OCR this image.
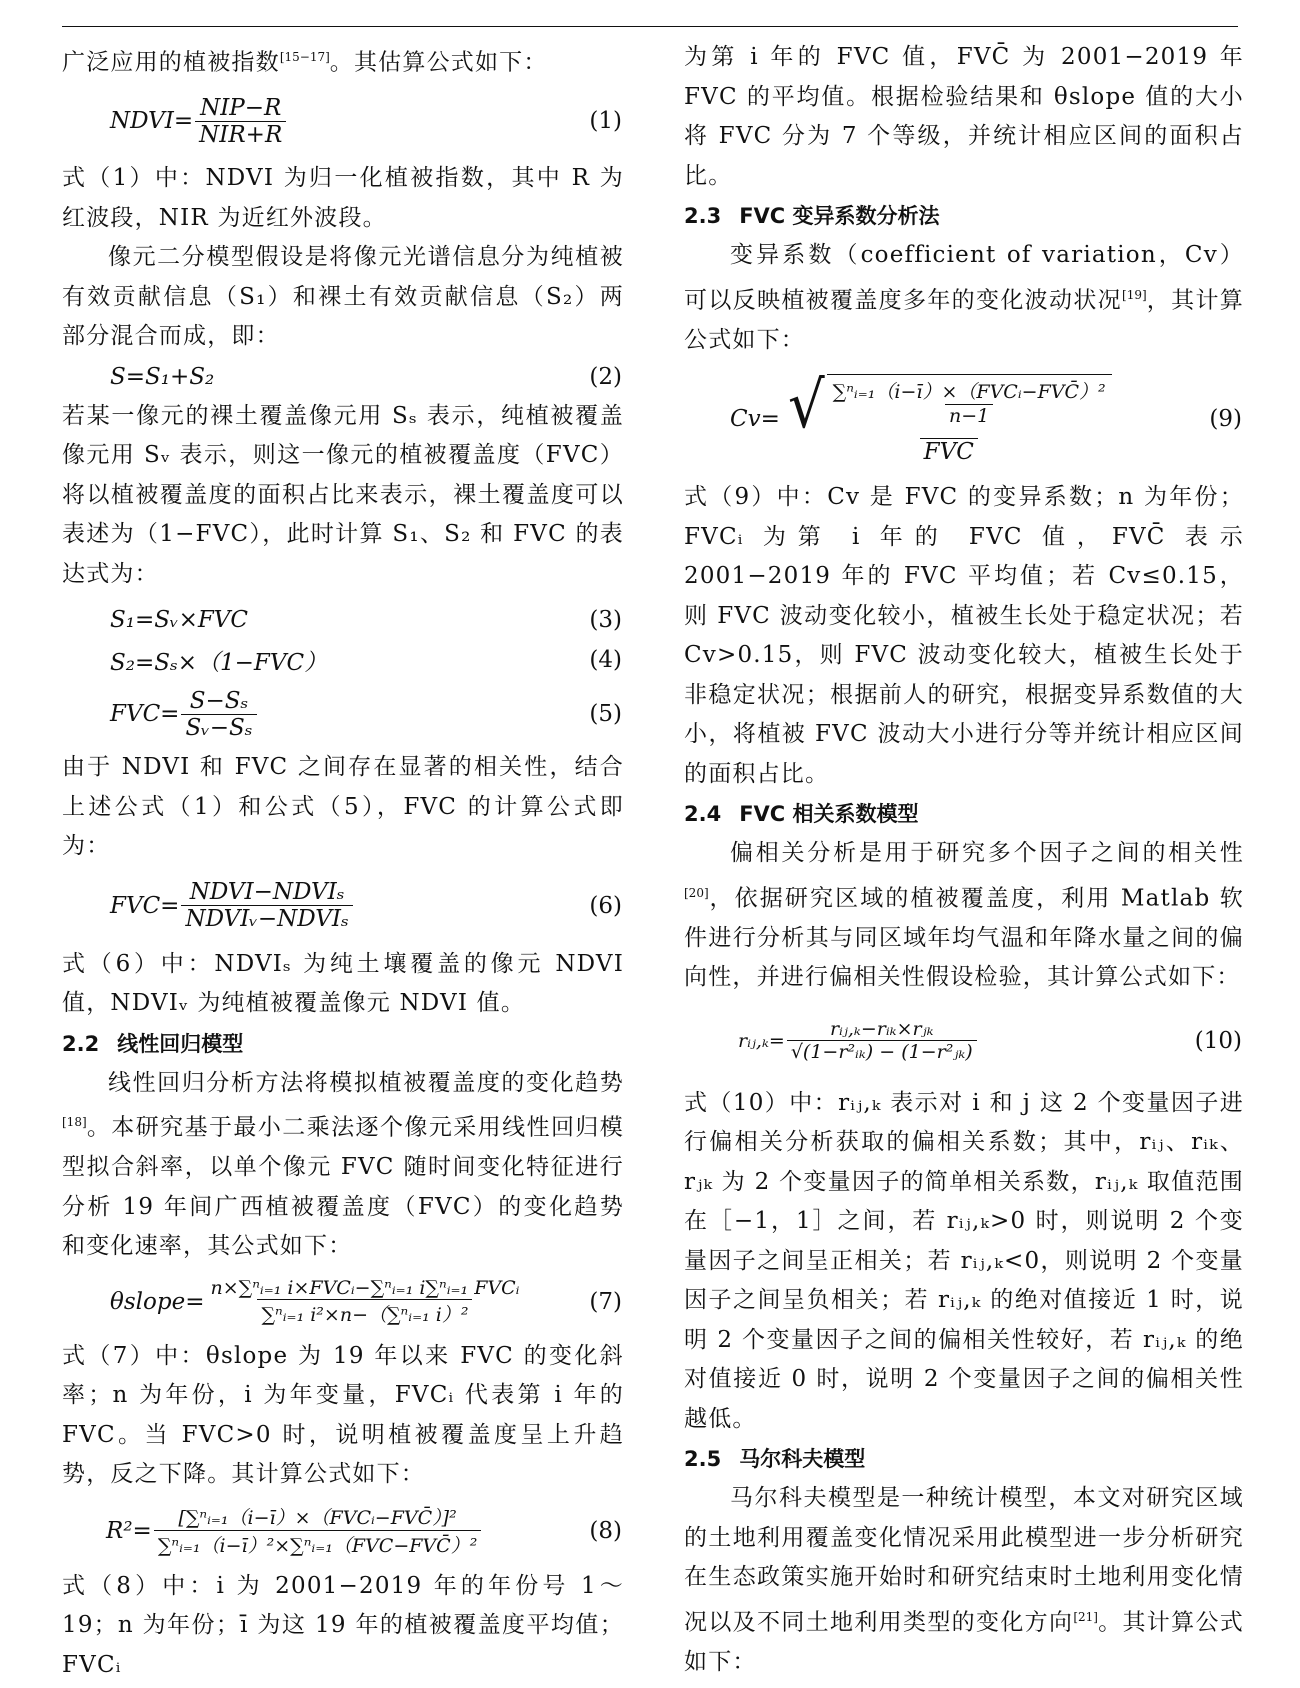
广泛应用的植被指数[15−17]。其估算公式如下：

NDVI= $\frac{\text{NIP−R}}{\text{NIR+R}}$	(1)

式（1）中：NDVI 为归一化植被指数，其中 R 为红波段，NIR 为近红外波段。

像元二分模型假设是将像元光谱信息分为纯植被有效贡献信息（S₁）和裸土有效贡献信息（S₂）两部分混合而成，即：

S=S₁+S₂	(2)

若某一像元的裸土覆盖像元用 Sₛ 表示，纯植被覆盖像元用 Sᵥ 表示，则这一像元的植被覆盖度（FVC）将以植被覆盖度的面积占比来表示，裸土覆盖度可以表述为（1−FVC），此时计算 S₁、S₂ 和 FVC 的表达式为：

S₁=Sᵥ×FVC	(3)
S₂=Sₛ×（1−FVC）	(4)
$FVC= \frac{\text{S−Sₛ}}{\text{Sᵥ−Sₛ}}$	(5)

由于 NDVI 和 FVC 之间存在显著的相关性，结合上述公式（1）和公式（5），FVC 的计算公式即为：

$FVC= \frac{\text{NDVI−NDVIₛ}}{\text{NDVIᵥ−NDVIₛ}}$	(6)

式（6）中：NDVIₛ 为纯土壤覆盖的像元 NDVI 值，NDVIᵥ 为纯植被覆盖像元 NDVI 值。

2.2 线性回归模型

线性回归分析方法将模拟植被覆盖度的变化趋势[18]。本研究基于最小二乘法逐个像元采用线性回归模型拟合斜率，以单个像元 FVC 随时间变化特征进行分析 19 年间广西植被覆盖度（FVC）的变化趋势和变化速率，其公式如下：

θslope= $\frac{\text{n×∑ⁿᵢ₌₁ i×FVCᵢ−∑ⁿᵢ₌₁ i∑ⁿᵢ₌₁ FVCᵢ}}{\text{∑ⁿᵢ₌₁ i²×n−（∑ⁿᵢ₌₁ i）²}}$	(7)

式（7）中：θslope 为 19 年以来 FVC 的变化斜率；n 为年份，i 为年变量，FVCᵢ 代表第 i 年的 FVC。当 FVC>0 时，说明植被覆盖度呈上升趋势，反之下降。其计算公式如下：

$R^2= \frac{\text{[∑ⁿᵢ₌₁（i−ī）×（FVCᵢ−FVC̄）]²}}{\text{∑ⁿᵢ₌₁（i−ī）²×∑ⁿᵢ₌₁（FVC−FVC̄）²}}$	(8)

式（8）中：i 为 2001−2019 年的年份号 1～19；n 为年份；ī 为这 19 年的植被覆盖度平均值；FVCᵢ

为第 i 年的 FVC 值，FVC̄ 为 2001−2019 年 FVC 的平均值。根据检验结果和 θslope 值的大小将 FVC 分为 7 个等级，并统计相应区间的面积占比。

2.3 FVC 变异系数分析法

变异系数（coefficient of variation，Cv）可以反映植被覆盖度多年的变化波动状况[19]，其计算公式如下：

$Cv= \frac{√ \frac{\text{∑ⁿᵢ₌₁（i−ī）×（FVCᵢ−FVC̄）²}}{n-1}}{\text{FVC}}$	(9)

式（9）中：Cv 是 FVC 的变异系数；n 为年份；FVCᵢ 为第 i 年的 FVC 值，FVC̄ 表示 2001−2019 年的 FVC 平均值；若 Cv≤0.15，则 FVC 波动变化较小，植被生长处于稳定状况；若 Cv>0.15，则 FVC 波动变化较大，植被生长处于非稳定状况；根据前人的研究，根据变异系数值的大小，将植被 FVC 波动大小进行分等并统计相应区间的面积占比。

2.4 FVC 相关系数模型

偏相关分析是用于研究多个因子之间的相关性[20]，依据研究区域的植被覆盖度，利用 Matlab 软件进行分析其与同区域年均气温和年降水量之间的偏向性，并进行偏相关性假设检验，其计算公式如下：

rᵢⱼ,ₖ= $\frac{\text{rᵢⱼ,ₖ−rᵢₖ×rⱼₖ}}{\text{√(1−r²ᵢₖ) − (1−r²ⱼₖ)}}$	(10)

式（10）中：rᵢⱼ,ₖ 表示对 i 和 j 这 2 个变量因子进行偏相关分析获取的偏相关系数；其中，rᵢⱼ、rᵢₖ、rⱼₖ 为 2 个变量因子的简单相关系数，rᵢⱼ,ₖ 取值范围在［−1，1］之间，若 rᵢⱼ,ₖ>0 时，则说明 2 个变量因子之间呈正相关；若 rᵢⱼ,ₖ<0，则说明 2 个变量因子之间呈负相关；若 rᵢⱼ,ₖ 的绝对值接近 1 时，说明 2 个变量因子之间的偏相关性较好，若 rᵢⱼ,ₖ 的绝对值接近 0 时，说明 2 个变量因子之间的偏相关性越低。

2.5 马尔科夫模型

马尔科夫模型是一种统计模型，本文对研究区域的土地利用覆盖变化情况采用此模型进一步分析研究在生态政策实施开始时和研究结束时土地利用变化情况以及不同土地利用类型的变化方向[21]。其计算公式如下：
